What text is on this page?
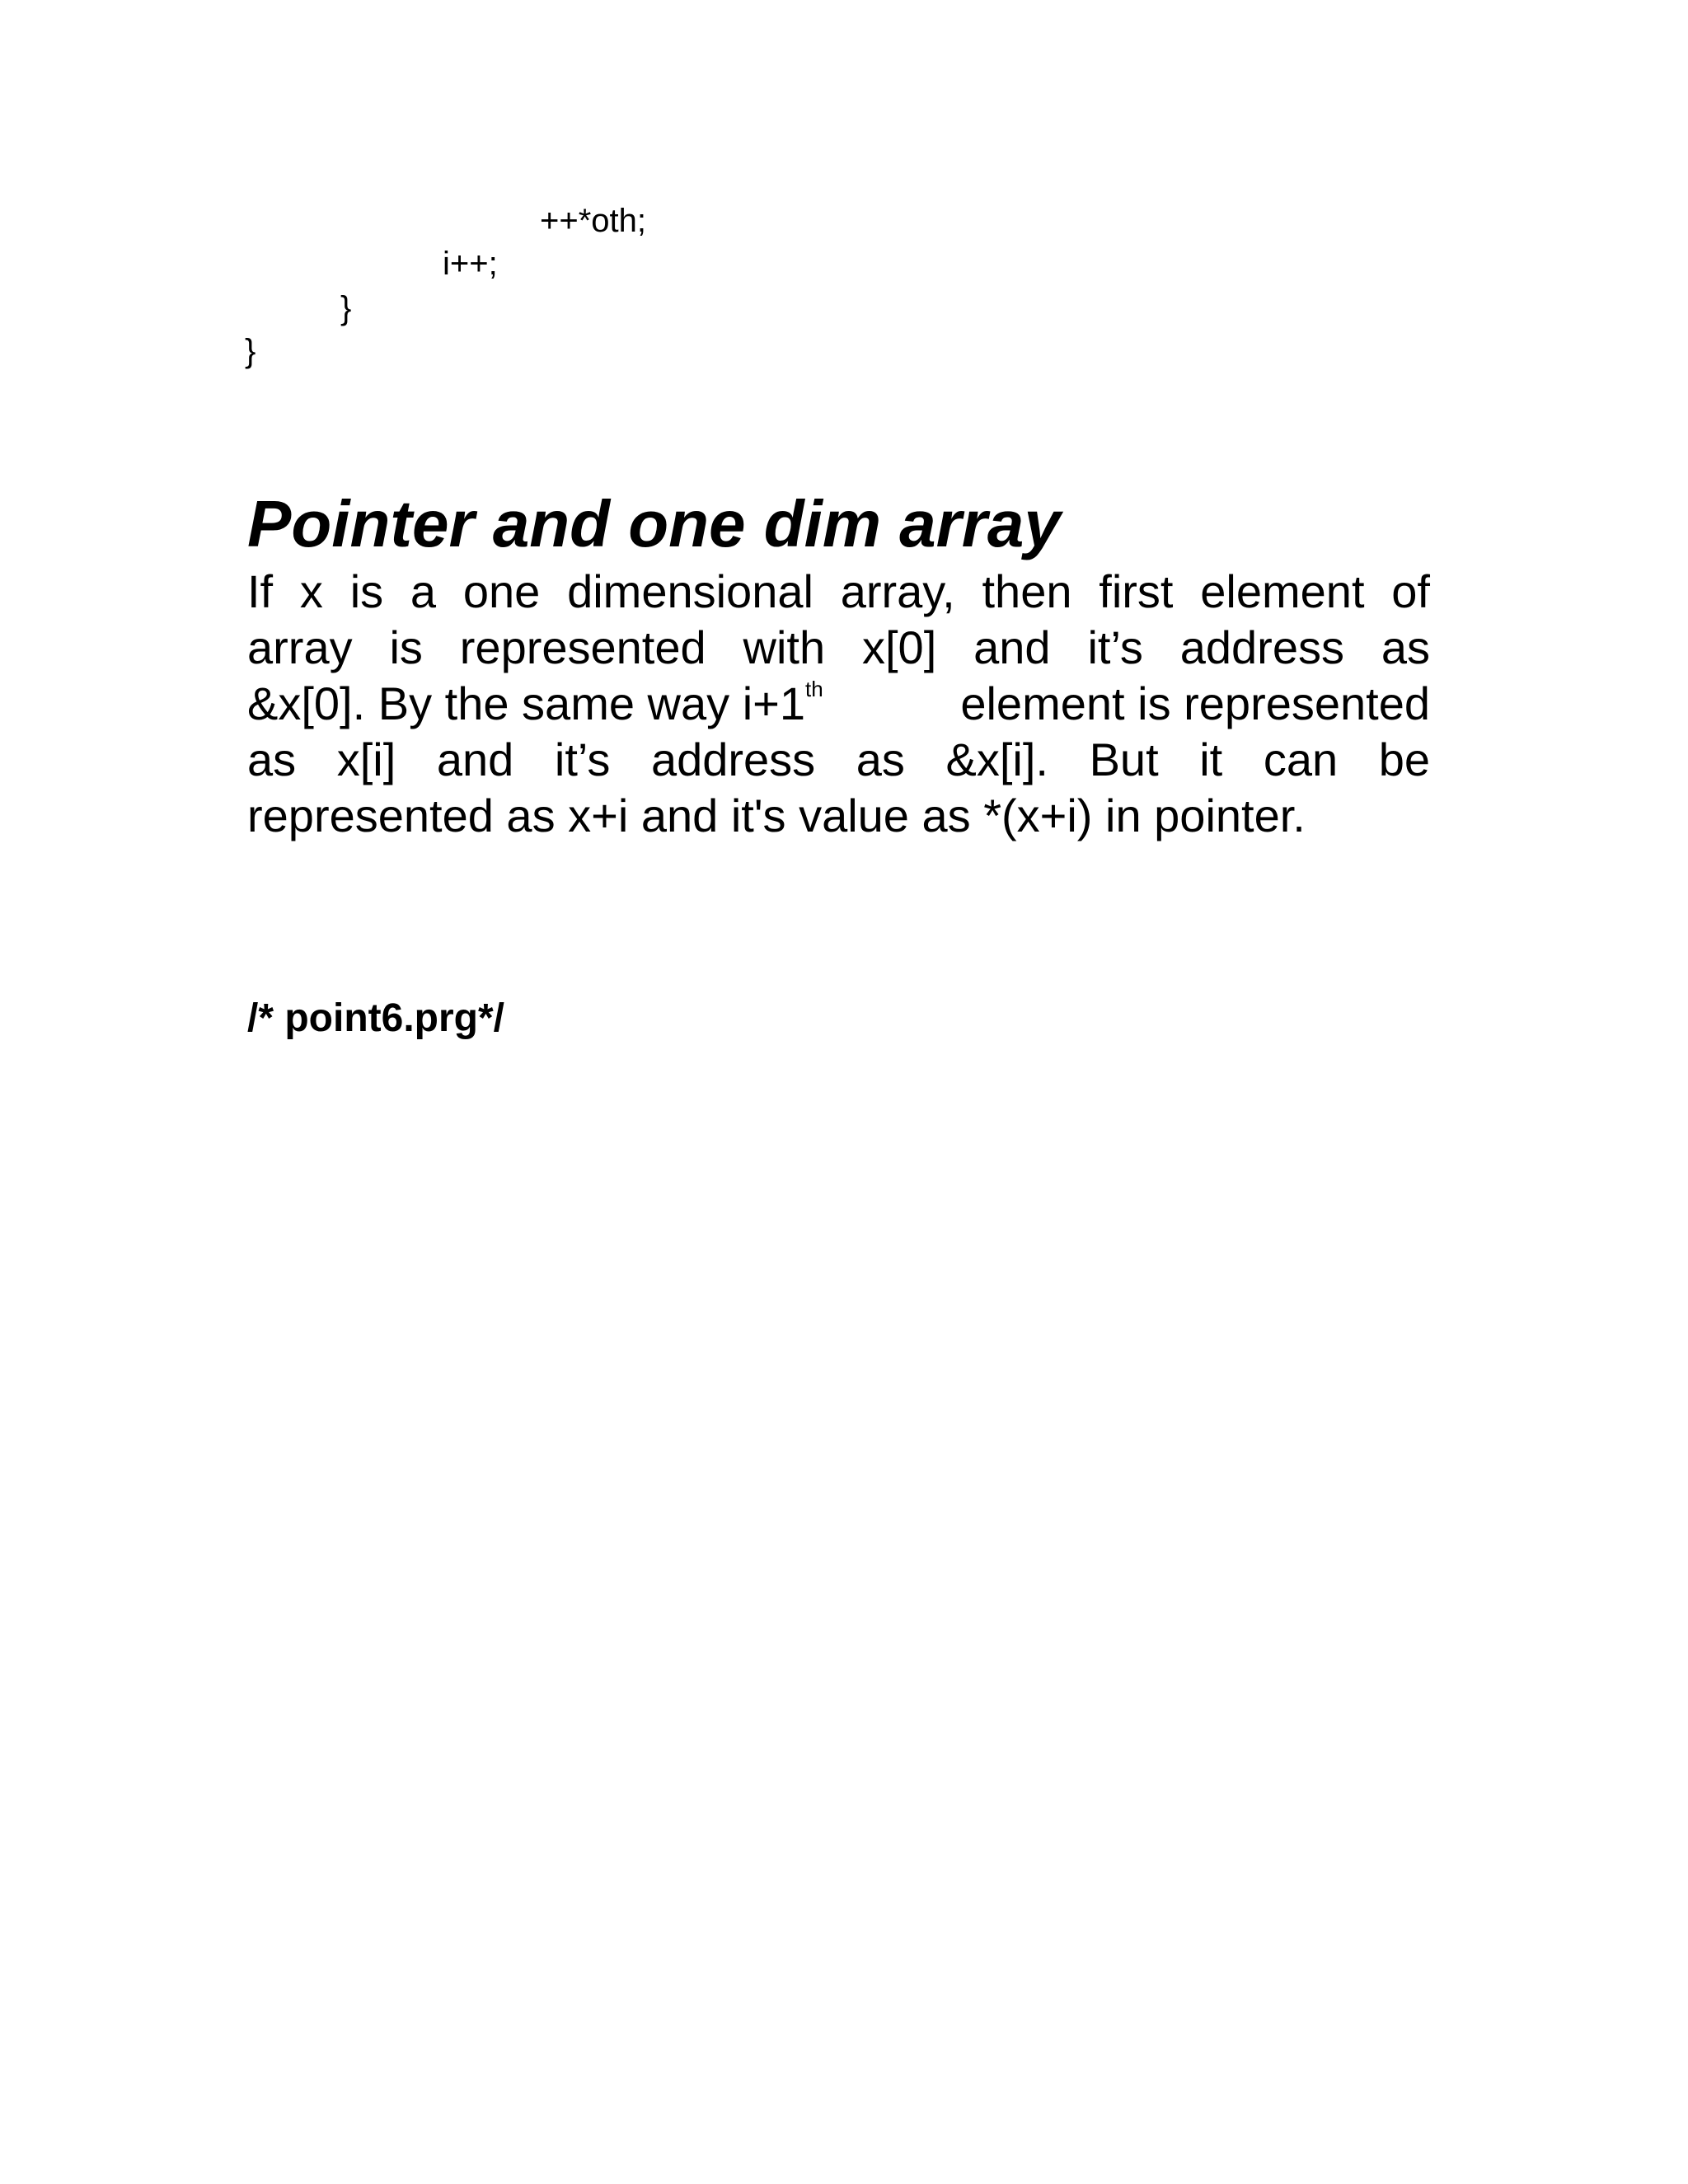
++*oth;
i++;
}
}
Pointer and one dim array
If x is a one dimensional array, then first element of
array is represented with x[0] and it’s address as
&x[0]. By the same way i+1th	element is represented
as x[i] and it’s address as &x[i]. But it can be
represented as x+i and it's value as *(x+i) in pointer.
/* point6.prg*/
